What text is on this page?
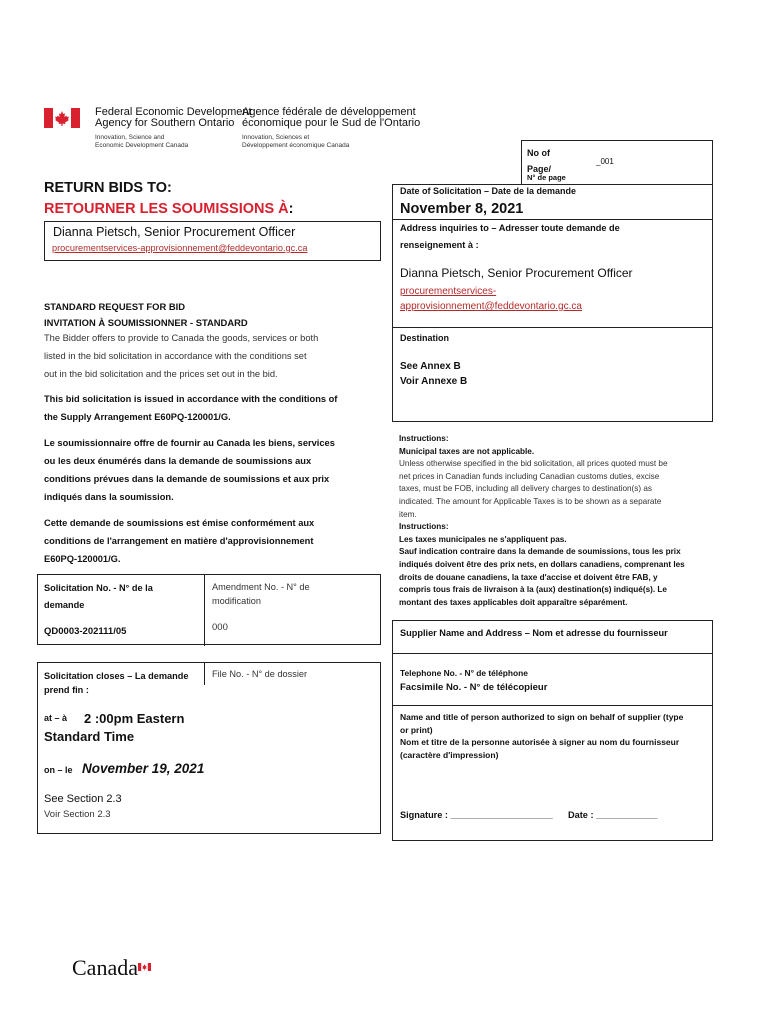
Federal Economic Development
Agency for Southern Ontario
Innovation, Science and
Economic Development Canada
Agence fédérale de développement
économique pour le Sud de l'Ontario
Innovation, Sciences et
Développement économique Canada
No of
Page/
N° de page
_001
RETURN BIDS TO:
RETOURNER LES SOUMISSIONS À:
Dianna Pietsch, Senior Procurement Officer
procurementservices-approvisionnement@feddevontario.gc.ca
STANDARD REQUEST FOR BID
INVITATION À SOUMISSIONNER - STANDARD
The Bidder offers to provide to Canada the goods, services or both
listed in the bid solicitation in accordance with the conditions set
out in the bid solicitation and the prices set out in the bid.
This bid solicitation is issued in accordance with the conditions of
the Supply Arrangement E60PQ-120001/G.
Le soumissionnaire offre de fournir au Canada les biens, services
ou les deux énumérés dans la demande de soumissions aux
conditions prévues dans la demande de soumissions et aux prix
indiqués dans la soumission.
Cette demande de soumissions est émise conformément aux
conditions de l'arrangement en matière d'approvisionnement
E60PQ-120001/G.
Solicitation No. - N° de la
demande
QD0003-202111/05
Amendment No. - N° de
modification
000
Solicitation closes – La demande
prend fin :
File No. - N° de dossier
at – à 2 :00pm Eastern
Standard Time
on – le November 19, 2021
See Section 2.3
Voir Section 2.3
Date of Solicitation – Date de la demande
November 8, 2021
Address inquiries to – Adresser toute demande de
renseignement à :
Dianna Pietsch, Senior Procurement Officer
procurementservices-
approvisionnement@feddevontario.gc.ca
Destination
See Annex B
Voir Annexe B
Instructions:
Municipal taxes are not applicable.
Unless otherwise specified in the bid solicitation, all prices quoted must be
net prices in Canadian funds including Canadian customs duties, excise
taxes, must be FOB, including all delivery charges to destination(s) as
indicated. The amount for Applicable Taxes is to be shown as a separate
item.
Instructions:
Les taxes municipales ne s'appliquent pas.
Sauf indication contraire dans la demande de soumissions, tous les prix
indiqués doivent être des prix nets, en dollars canadiens, comprenant les
droits de douane canadiens, la taxe d'accise et doivent être FAB, y
compris tous frais de livraison à la (aux) destination(s) indiqué(s). Le
montant des taxes applicables doit apparaître séparément.
Supplier Name and Address – Nom et adresse du fournisseur
Telephone No. - N° de téléphone
Facsimile No. - N° de télécopieur
Name and title of person authorized to sign on behalf of supplier (type
or print)
Nom et titre de la personne autorisée à signer au nom du fournisseur
(caractère d'impression)
Signature : ____________________ Date : ____________
Canada
